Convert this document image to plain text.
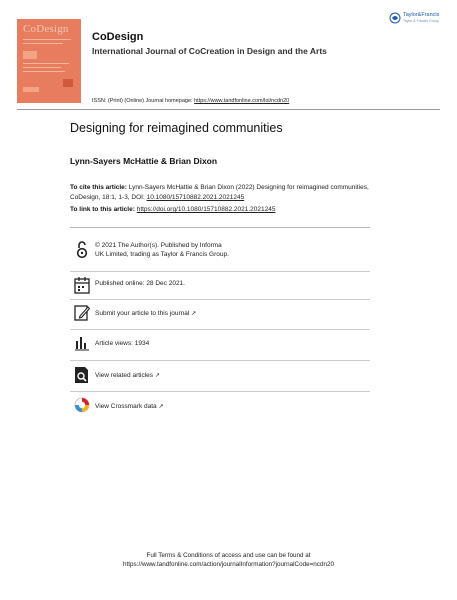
CoDesign
CoDesign
International Journal of CoCreation in Design and the Arts
ISSN: (Print) (Online) Journal homepage: https://www.tandfonline.com/loi/ncdn20
Taylor&Francis
Taylor & Francis Group
Designing for reimagined communities
Lynn-Sayers McHattie & Brian Dixon
To cite this article: Lynn-Sayers McHattie & Brian Dixon (2022) Designing for reimagined communities, CoDesign, 18:1, 1-3, DOI: 10.1080/15710882.2021.2021245
To link to this article: https://doi.org/10.1080/15710882.2021.2021245
© 2021 The Author(s). Published by Informa UK Limited, trading as Taylor & Francis Group.
Published online: 28 Dec 2021.
Submit your article to this journal ↗
Article views: 1934
View related articles ↗
View Crossmark data ↗
Full Terms & Conditions of access and use can be found at
https://www.tandfonline.com/action/journalInformation?journalCode=ncdn20
